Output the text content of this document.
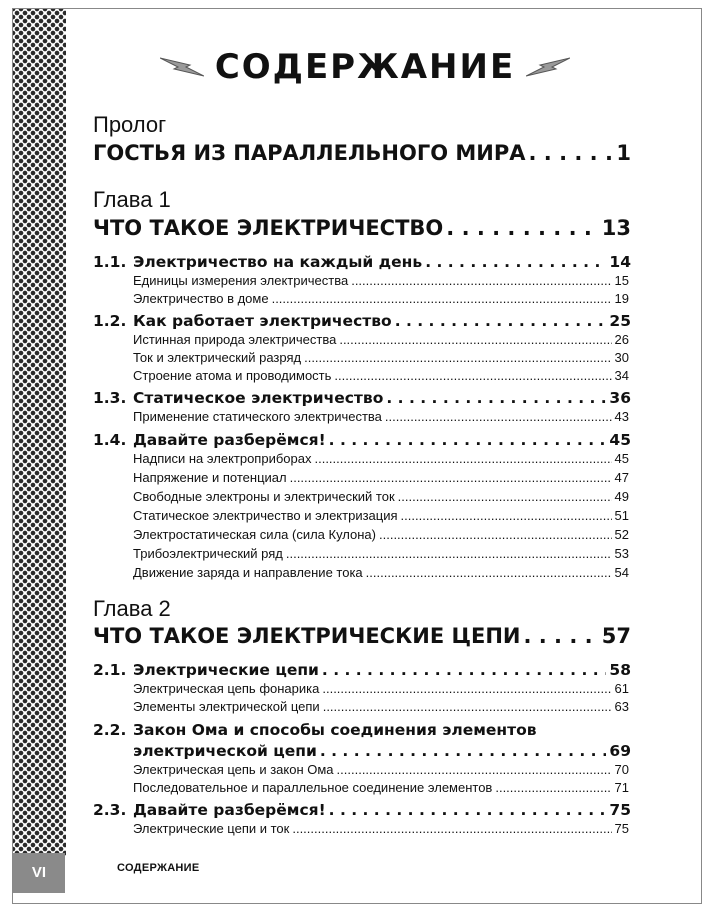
VI	СОДЕРЖАНИЕ
СОДЕРЖАНИЕ
Пролог
ГОСТЬЯ ИЗ ПАРАЛЛЕЛЬНОГО МИРА . . .	1
Глава 1
ЧТО ТАКОЕ ЭЛЕКТРИЧЕСТВО . . .	13
1.1. Электричество на каждый день . . .	14
Единицы измерения электричества .....	15
Электричество в доме .....	19
1.2. Как работает электричество . . .	25
Истинная природа электричества .....	26
Ток и электрический разряд .....	30
Строение атома и проводимость .....	34
1.3. Статическое электричество . . .	36
Применение статического электричества .....	43
1.4. Давайте разберёмся! . . .	45
Надписи на электроприборах .....	45
Напряжение и потенциал .....	47
Свободные электроны и электрический ток .....	49
Статическое электричество и электризация .....	51
Электростатическая сила (сила Кулона) .....	52
Трибоэлектрический ряд .....	53
Движение заряда и направление тока .....	54
Глава 2
ЧТО ТАКОЕ ЭЛЕКТРИЧЕСКИЕ ЦЕПИ . . .	57
2.1. Электрические цепи . . .	58
Электрическая цепь фонарика .....	61
Элементы электрической цепи .....	63
2.2. Закон Ома и способы соединения элементов
электрической цепи . . .	69
Электрическая цепь и закон Ома .....	70
Последовательное и параллельное соединение элементов .....	71
2.3. Давайте разберёмся! . . .	75
Электрические цепи и ток .....	75
